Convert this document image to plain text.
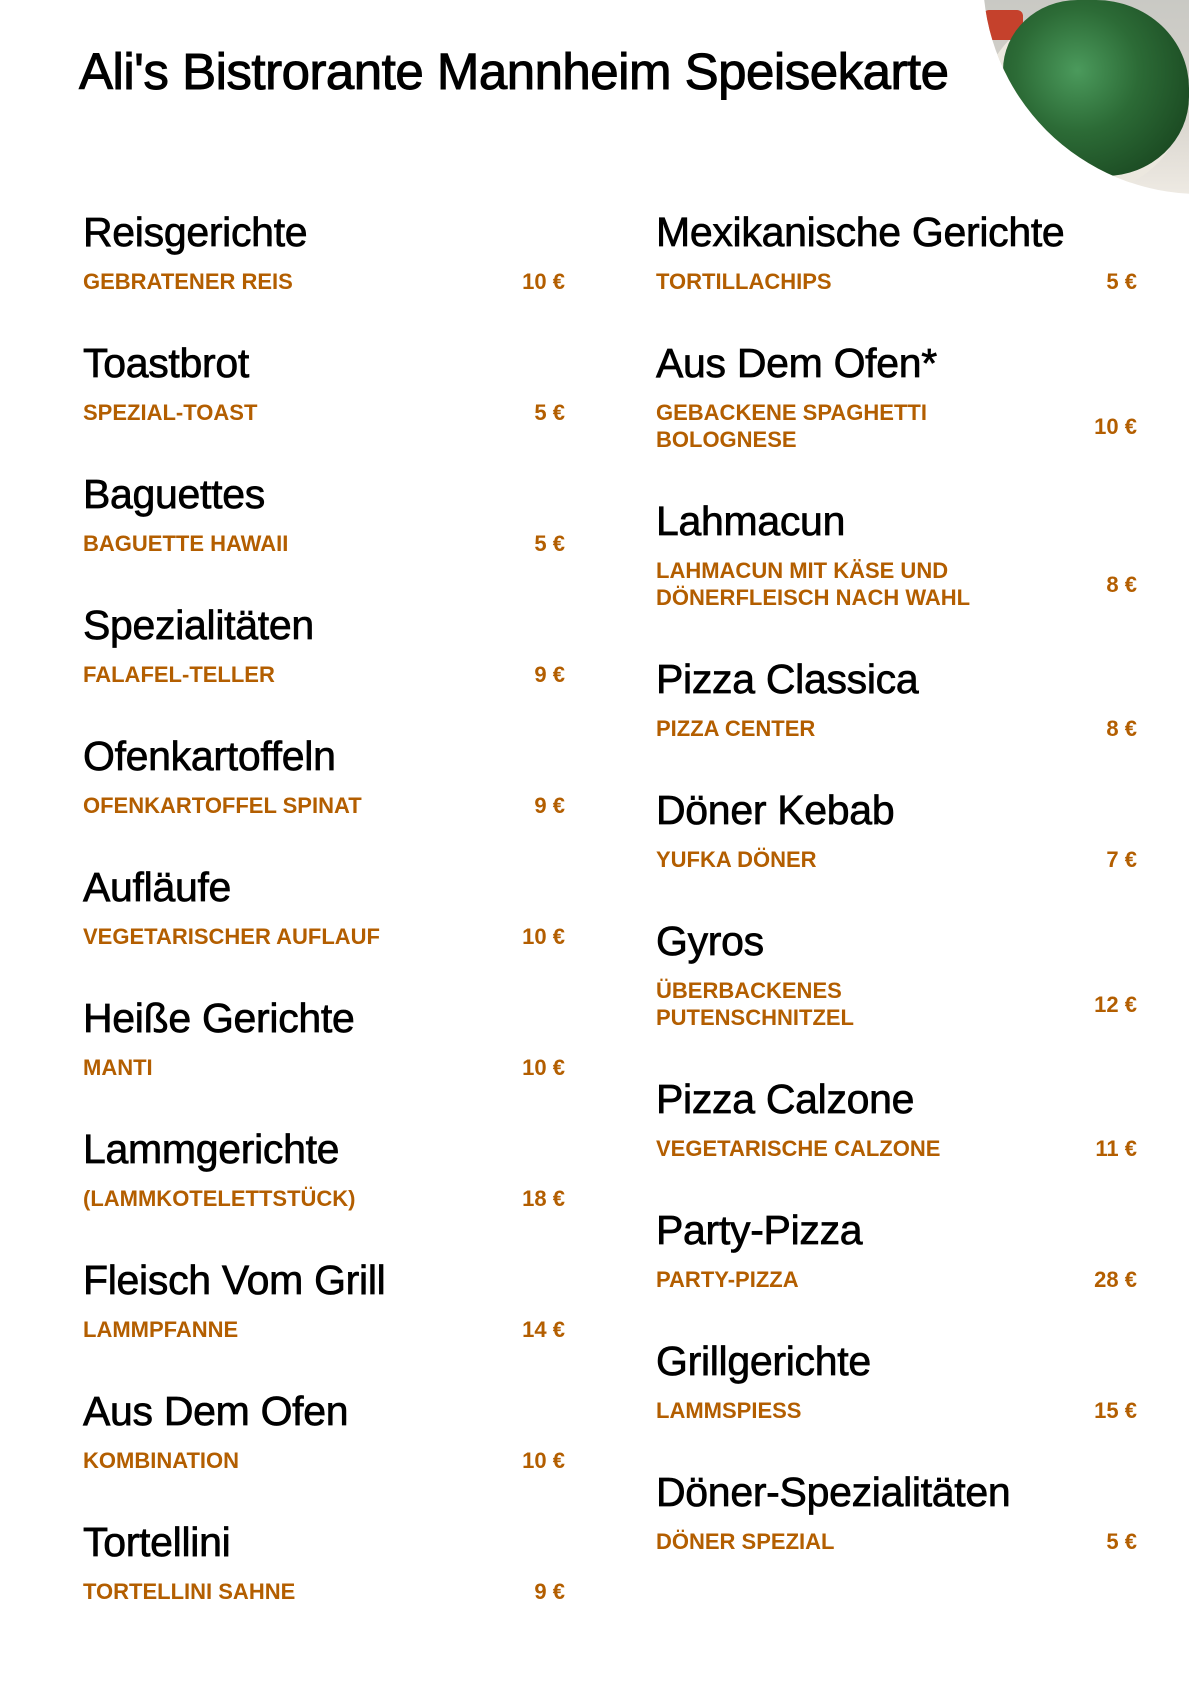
Ali's Bistrorante Mannheim Speisekarte
Reisgerichte
GEBRATENER REIS	10 €
Toastbrot
SPEZIAL-TOAST	5 €
Baguettes
BAGUETTE HAWAII	5 €
Spezialitäten
FALAFEL-TELLER	9 €
Ofenkartoffeln
OFENKARTOFFEL SPINAT	9 €
Aufläufe
VEGETARISCHER AUFLAUF	10 €
Heiße Gerichte
MANTI	10 €
Lammgerichte
(LAMMKOTELETTSTÜCK)	18 €
Fleisch Vom Grill
LAMMPFANNE	14 €
Aus Dem Ofen
KOMBINATION	10 €
Tortellini
TORTELLINI SAHNE	9 €
Mexikanische Gerichte
TORTILLACHIPS	5 €
Aus Dem Ofen*
GEBACKENE SPAGHETTI BOLOGNESE
10 €
Lahmacun
LAHMACUN MIT KÄSE UND DÖNERFLEISCH NACH WAHL
8 €
Pizza Classica
PIZZA CENTER	8 €
Döner Kebab
YUFKA DÖNER	7 €
Gyros
ÜBERBACKENES PUTENSCHNITZEL
12 €
Pizza Calzone
VEGETARISCHE CALZONE	11 €
Party-Pizza
PARTY-PIZZA	28 €
Grillgerichte
LAMMSPIESS	15 €
Döner-Spezialitäten
DÖNER SPEZIAL	5 €
